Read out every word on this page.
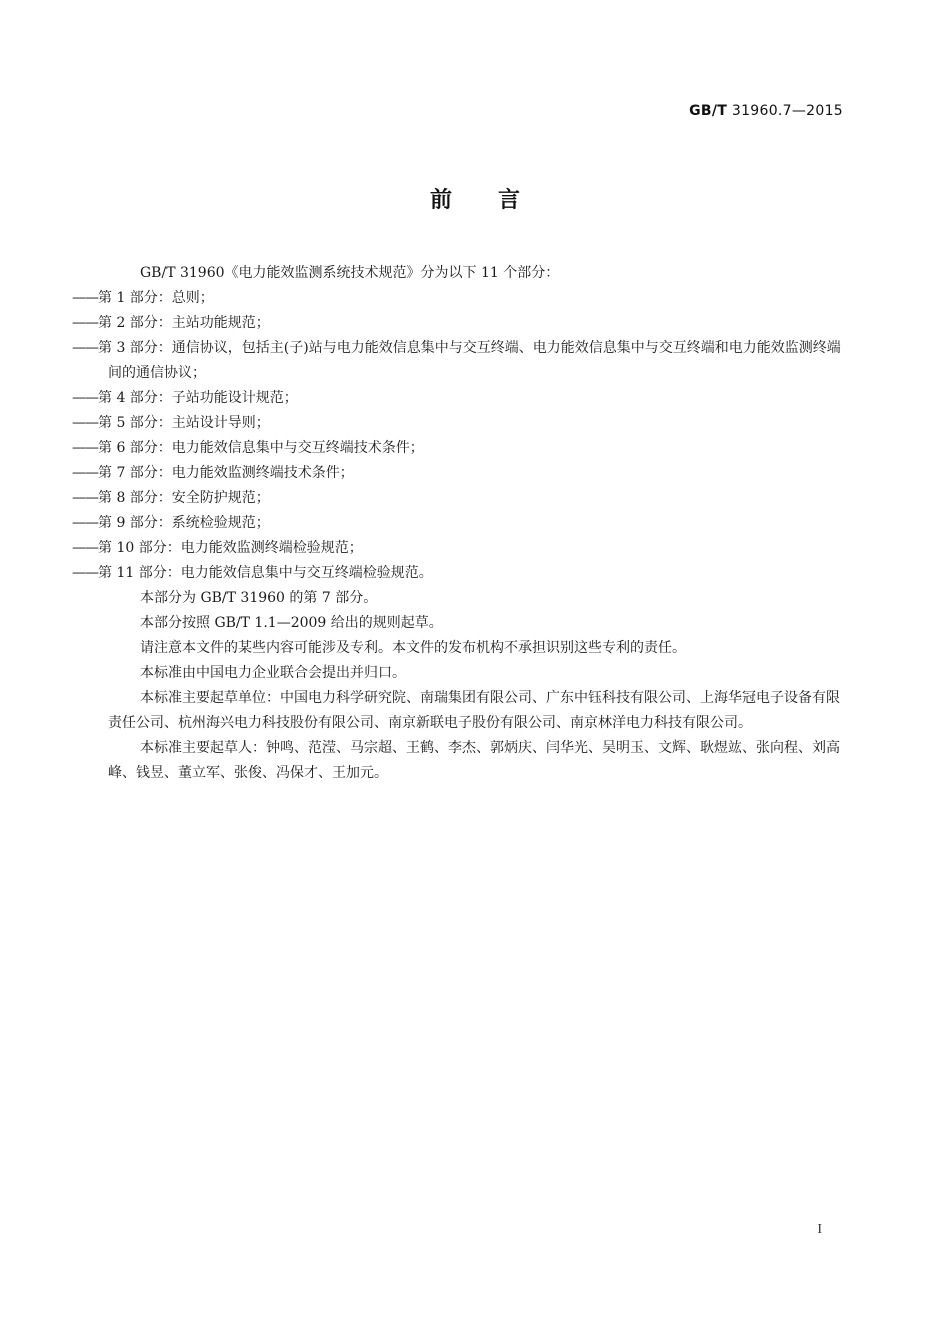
GB/T 31960.7—2015
前言

GB/T 31960《电力能效监测系统技术规范》分为以下 11 个部分：

——第 1 部分：总则；

——第 2 部分：主站功能规范；

——第 3 部分：通信协议，包括主(子)站与电力能效信息集中与交互终端、电力能效信息集中与交互终端和电力能效监测终端间的通信协议；

——第 4 部分：子站功能设计规范；

——第 5 部分：主站设计导则；

——第 6 部分：电力能效信息集中与交互终端技术条件；

——第 7 部分：电力能效监测终端技术条件；

——第 8 部分：安全防护规范；

——第 9 部分：系统检验规范；

——第 10 部分：电力能效监测终端检验规范；

——第 11 部分：电力能效信息集中与交互终端检验规范。

本部分为 GB/T 31960 的第 7 部分。

本部分按照 GB/T 1.1—2009 给出的规则起草。

请注意本文件的某些内容可能涉及专利。本文件的发布机构不承担识别这些专利的责任。

本标准由中国电力企业联合会提出并归口。

本标准主要起草单位：中国电力科学研究院、南瑞集团有限公司、广东中钰科技有限公司、上海华冠电子设备有限责任公司、杭州海兴电力科技股份有限公司、南京新联电子股份有限公司、南京林洋电力科技有限公司。

本标准主要起草人：钟鸣、范滢、马宗超、王鹤、李杰、郭炳庆、闫华光、吴明玉、文辉、耿煜竑、张向程、刘高峰、钱昱、董立军、张俊、冯保才、王加元。

I
